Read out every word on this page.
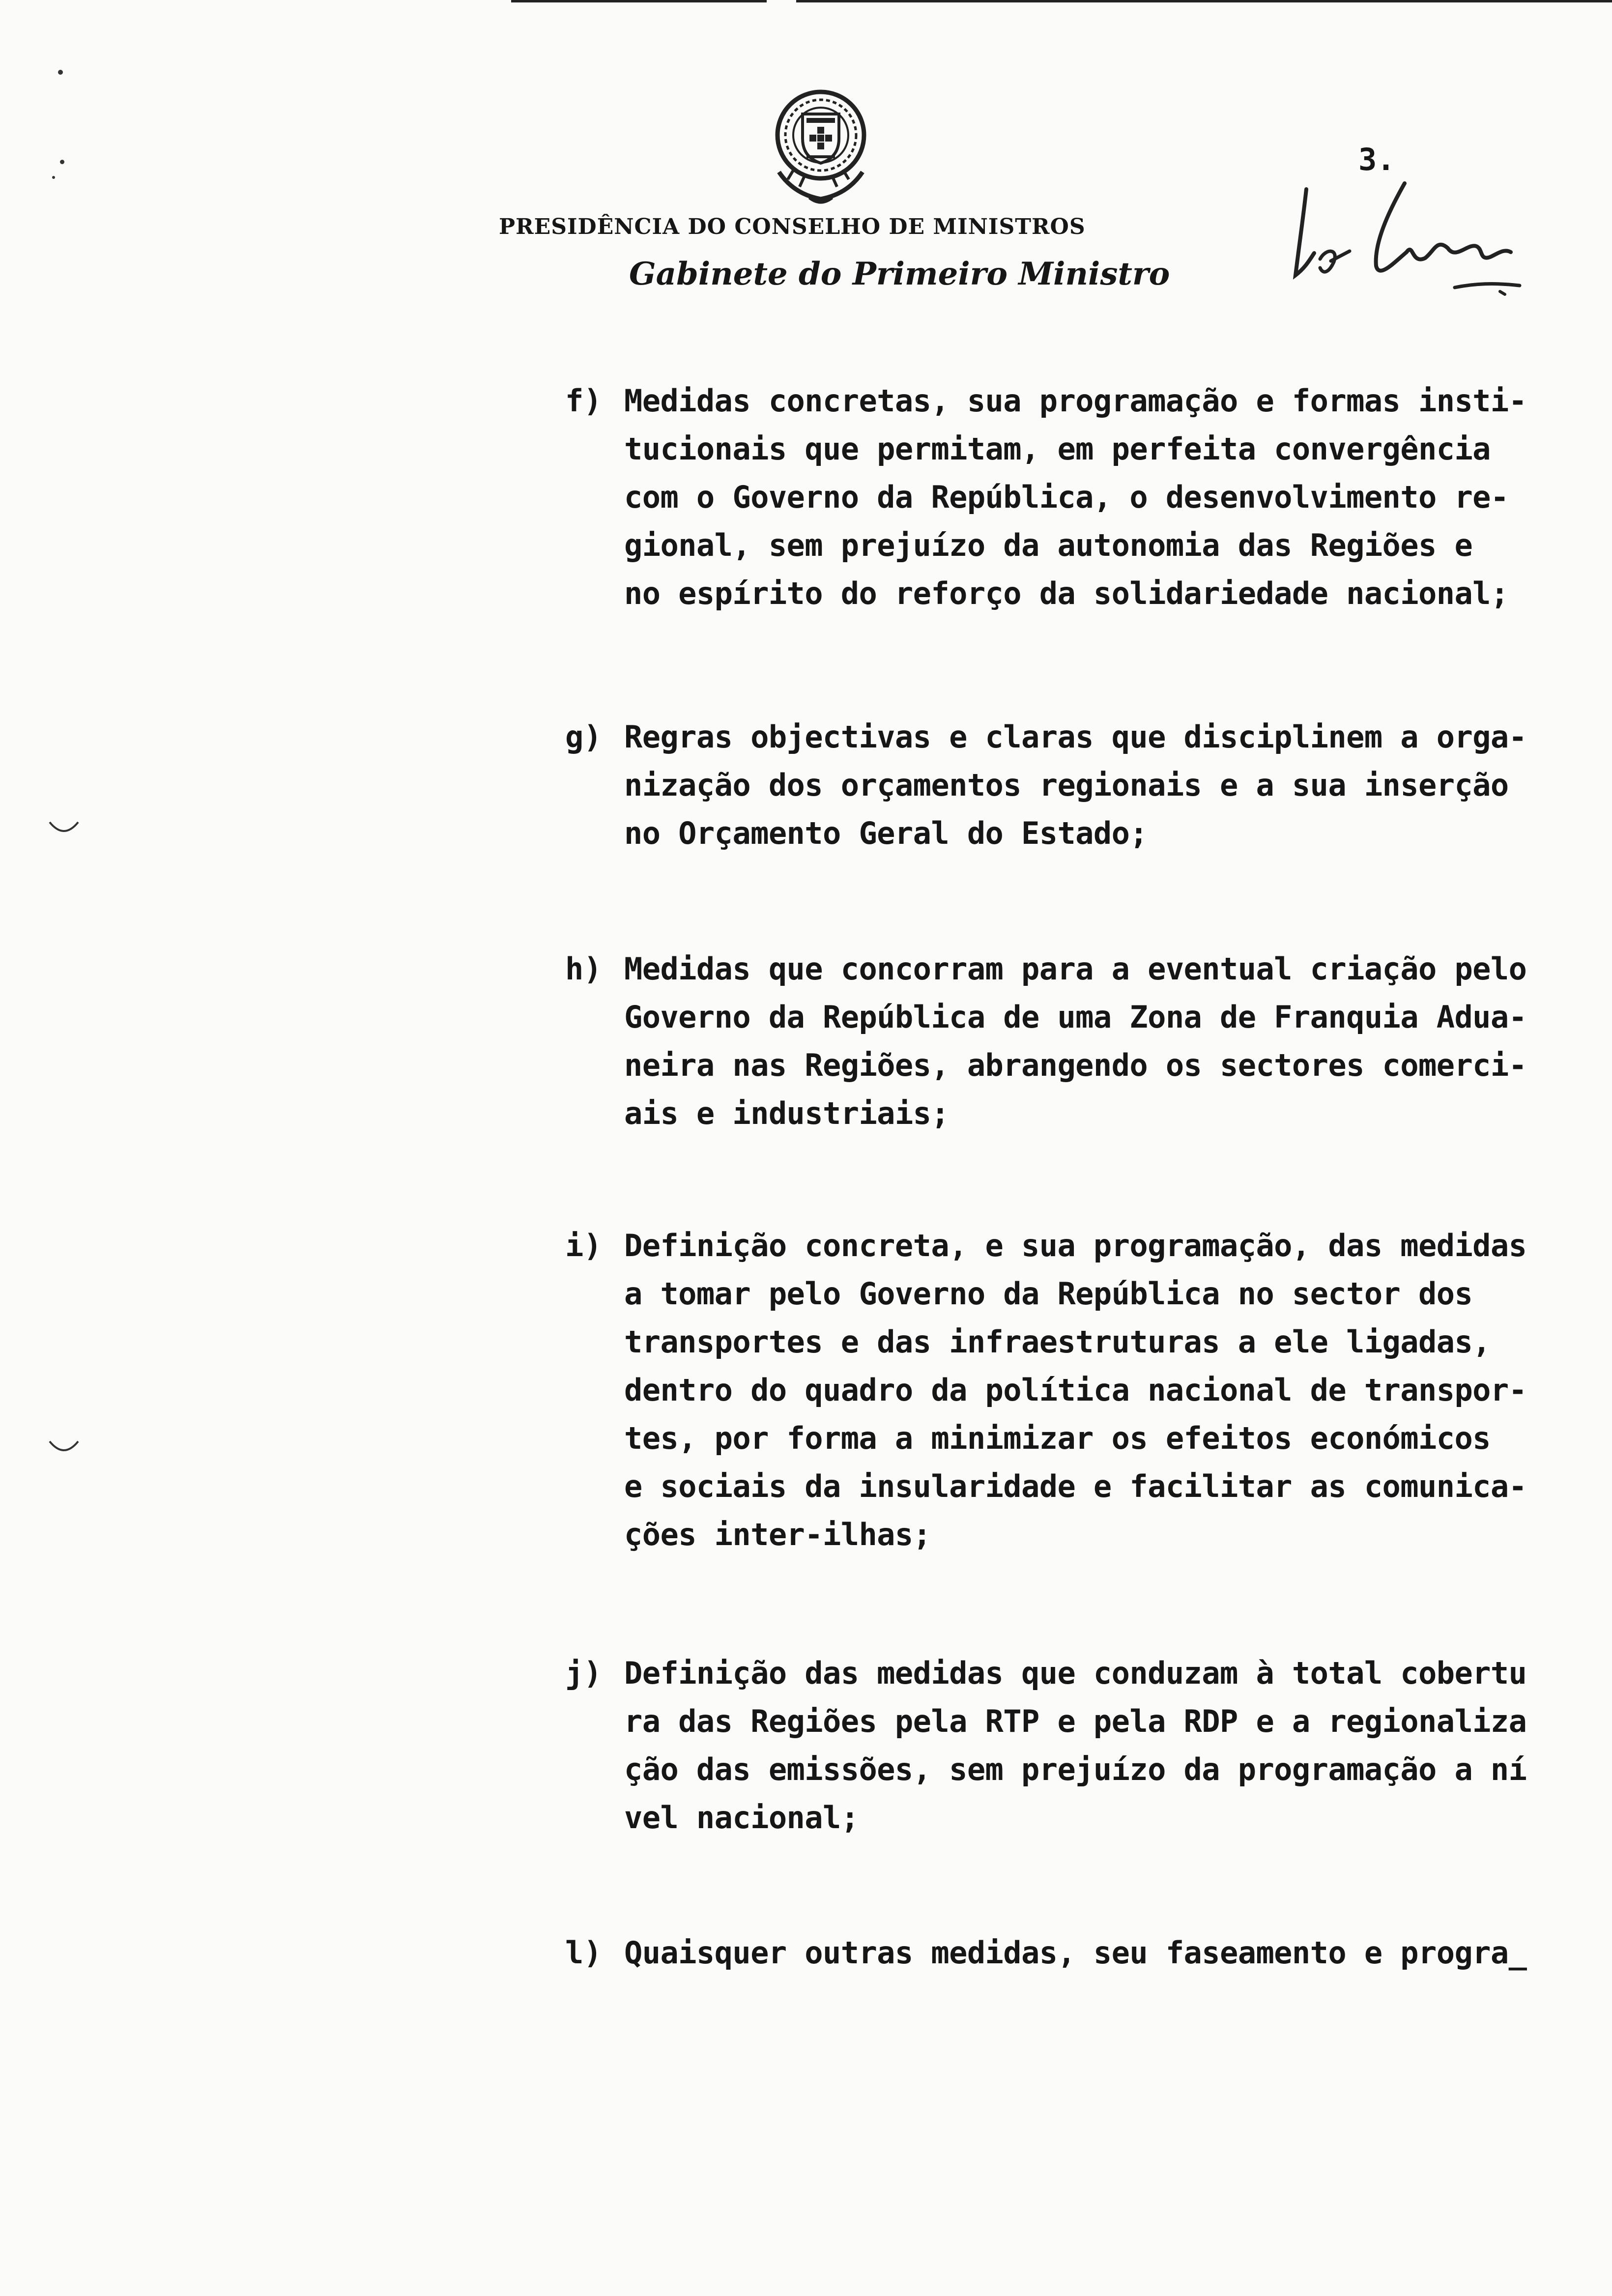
PRESIDÊNCIA DO CONSELHO DE MINISTROS
Gabinete do Primeiro Ministro
3.
f) Medidas concretas, sua programação e formas insti-
tucionais que permitam, em perfeita convergência
com o Governo da República, o desenvolvimento re-
gional, sem prejuízo da autonomia das Regiões e
no espírito do reforço da solidariedade nacional;
g) Regras objectivas e claras que disciplinem a orga-
nização dos orçamentos regionais e a sua inserção
no Orçamento Geral do Estado;
h) Medidas que concorram para a eventual criação pelo
Governo da República de uma Zona de Franquia Adua-
neira nas Regiões, abrangendo os sectores comerci-
ais e industriais;
i) Definição concreta, e sua programação, das medidas
a tomar pelo Governo da República no sector dos
transportes e das infraestruturas a ele ligadas,
dentro do quadro da política nacional de transpor-
tes, por forma a minimizar os efeitos económicos
e sociais da insularidade e facilitar as comunica-
ções inter-ilhas;
j) Definição das medidas que conduzam à total cobertu
ra das Regiões pela RTP e pela RDP e a regionaliza
ção das emissões, sem prejuízo da programação a ní
vel nacional;
l) Quaisquer outras medidas, seu faseamento e progra_
